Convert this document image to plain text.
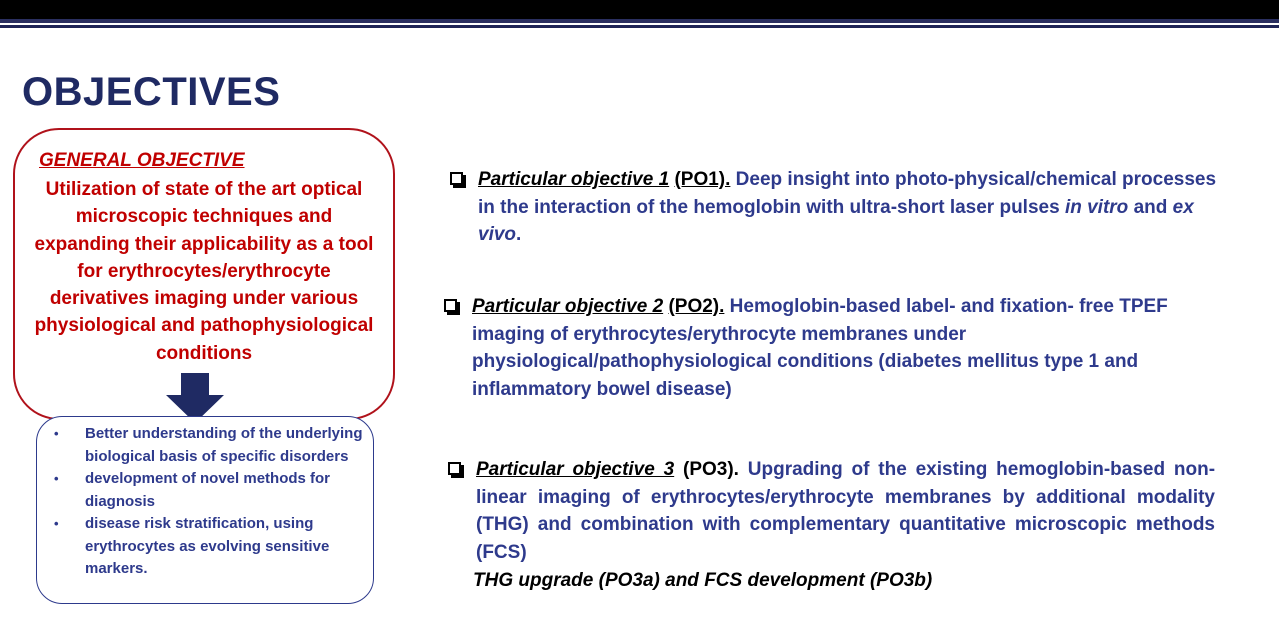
OBJECTIVES
GENERAL OBJECTIVE
Utilization of state of the art optical microscopic techniques and expanding their applicability as a tool for erythrocytes/erythrocyte derivatives imaging under various physiological and pathophysiological conditions
• Better understanding of the underlying biological basis of specific disorders
• development of novel methods for diagnosis
• disease risk stratification, using erythrocytes as evolving sensitive markers.
Particular objective 1 (PO1). Deep insight into photo-physical/chemical processes in the interaction of the hemoglobin with ultra-short laser pulses in vitro and ex vivo.
Particular objective 2 (PO2). Hemoglobin-based label- and fixation- free TPEF imaging of erythrocytes/erythrocyte membranes under physiological/pathophysiological conditions (diabetes mellitus type 1 and inflammatory bowel disease)
Particular objective 3 (PO3). Upgrading of the existing hemoglobin-based non-linear imaging of erythrocytes/erythrocyte membranes by additional modality (THG) and combination with complementary quantitative microscopic methods (FCS)
THG upgrade (PO3a) and FCS development (PO3b)
